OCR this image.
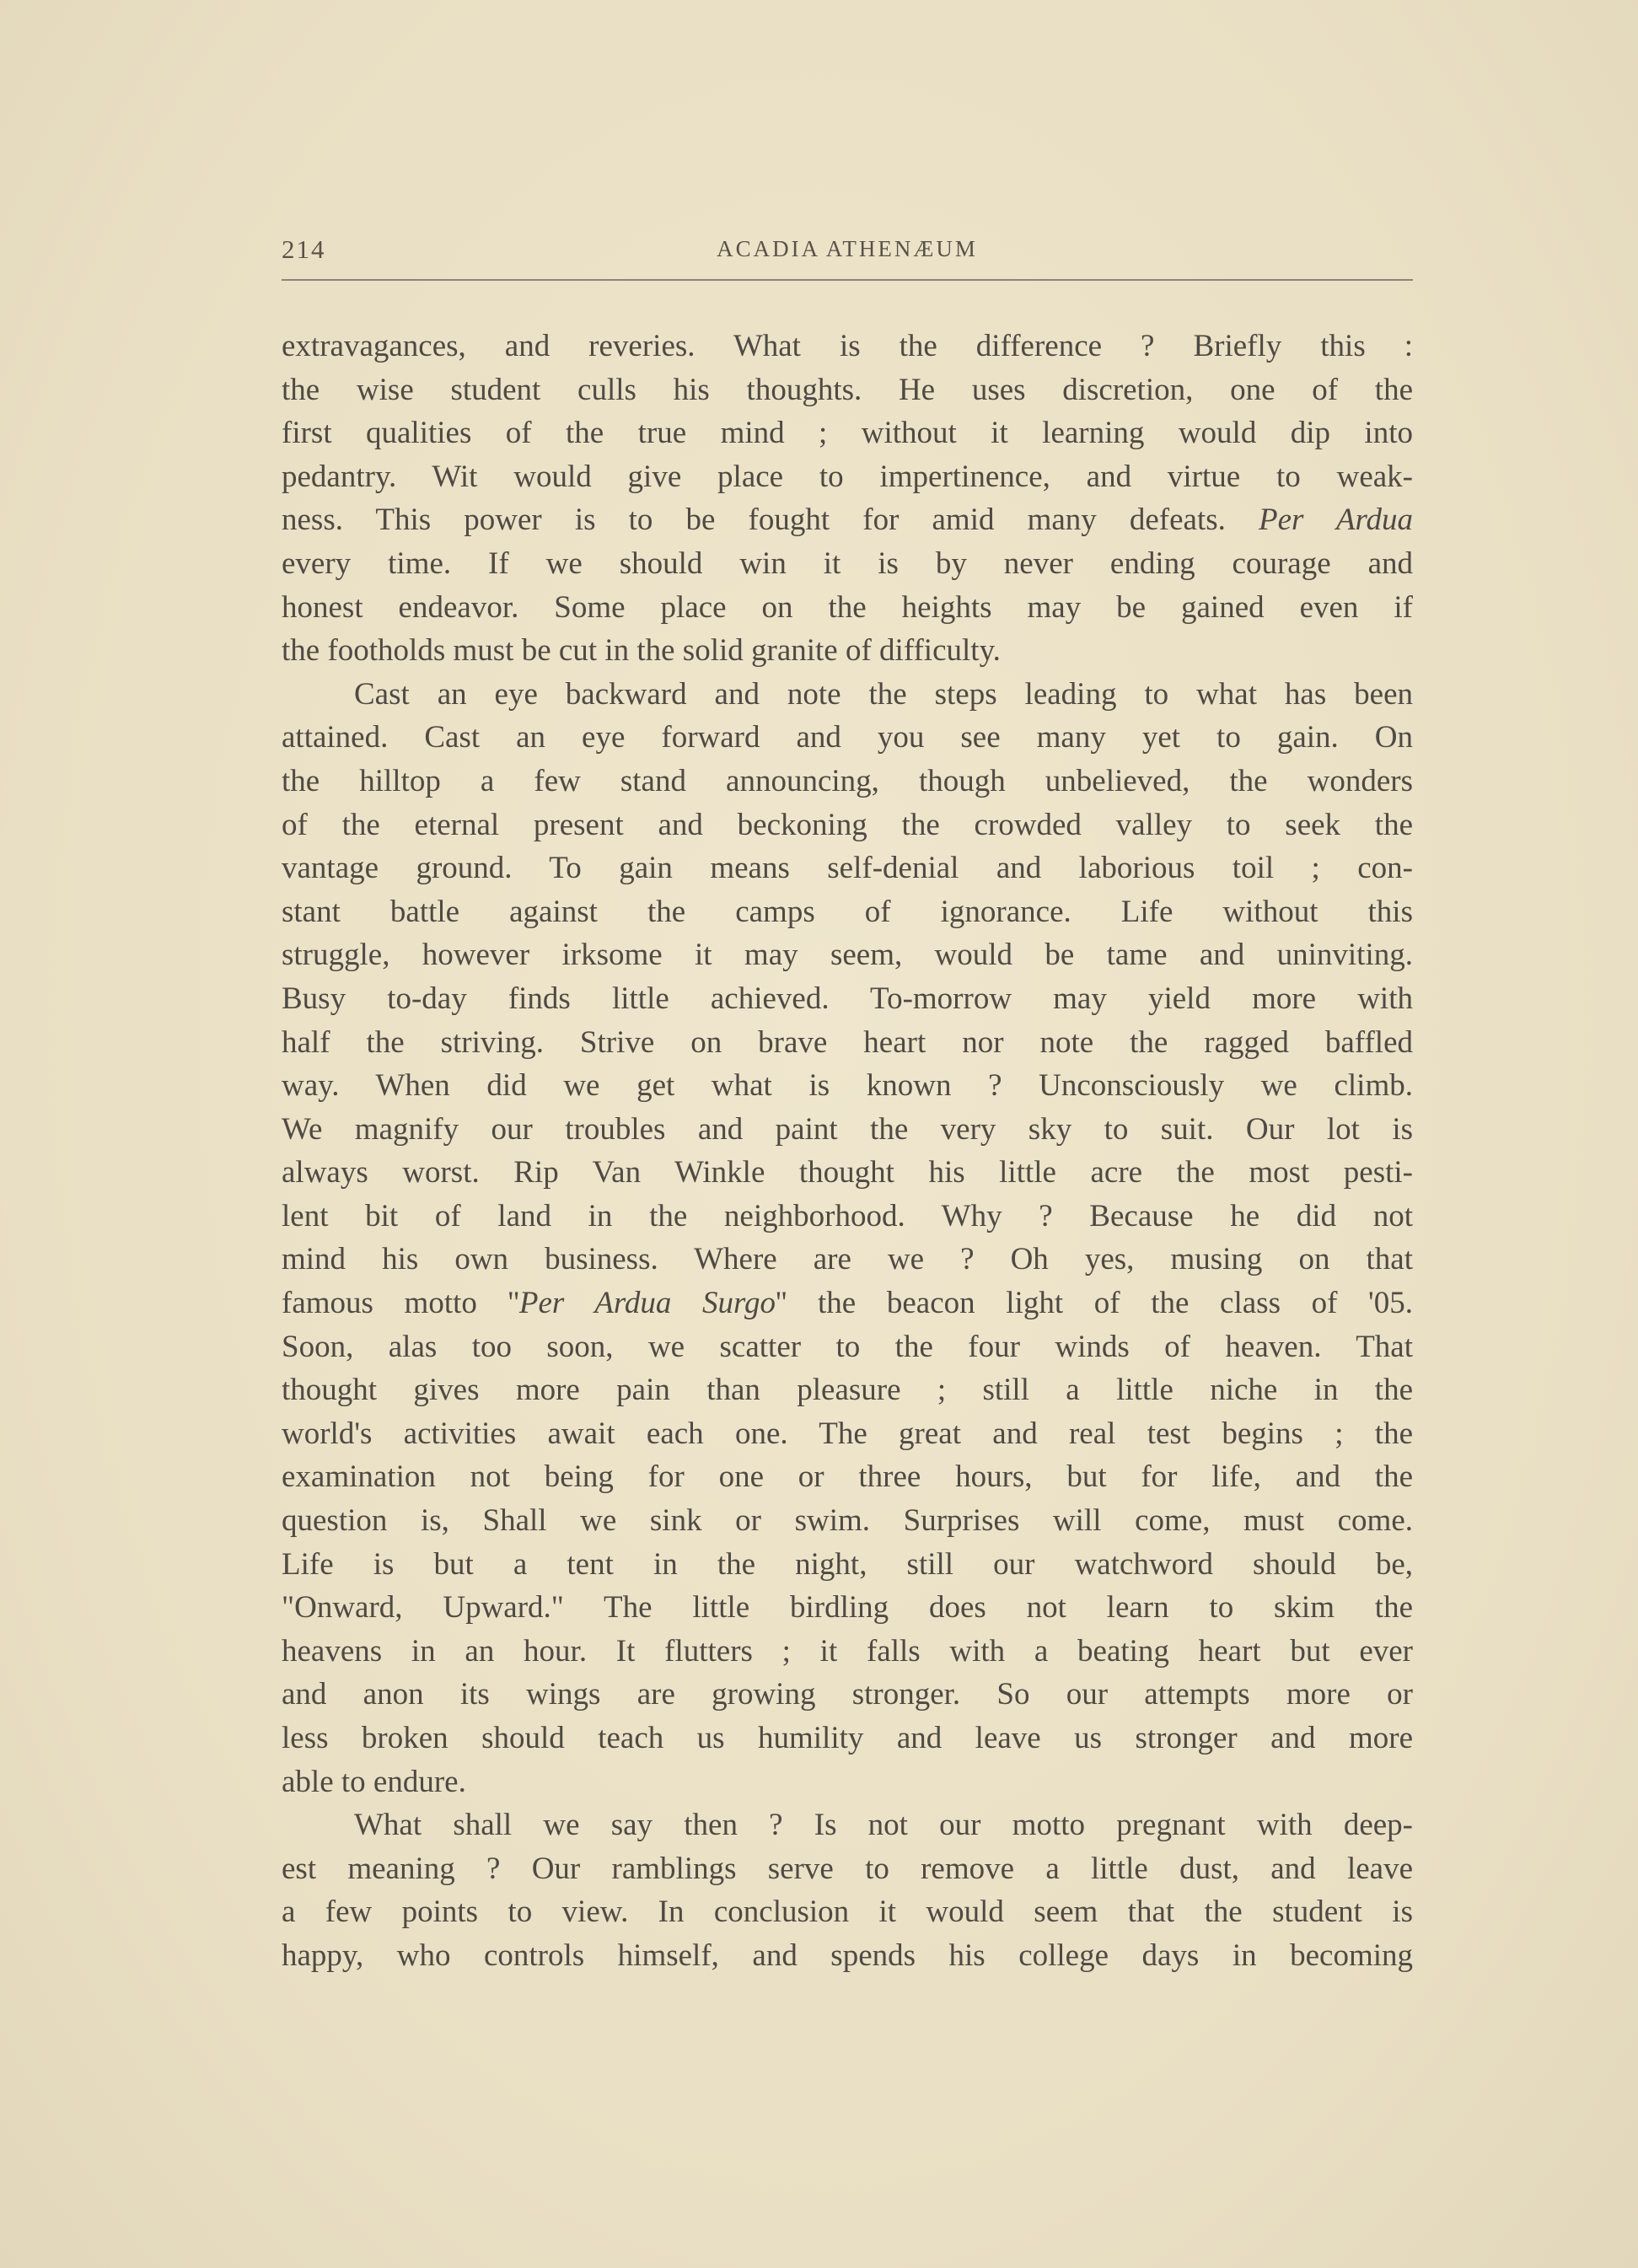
214	ACADIA ATHENÆUM
extravagances, and reveries. What is the difference ? Briefly this :
the wise student culls his thoughts. He uses discretion, one of the
first qualities of the true mind ; without it learning would dip into
pedantry. Wit would give place to impertinence, and virtue to weak-
ness. This power is to be fought for amid many defeats. Per Ardua
every time. If we should win it is by never ending courage and
honest endeavor. Some place on the heights may be gained even if
the footholds must be cut in the solid granite of difficulty.
Cast an eye backward and note the steps leading to what has been
attained. Cast an eye forward and you see many yet to gain. On
the hilltop a few stand announcing, though unbelieved, the wonders
of the eternal present and beckoning the crowded valley to seek the
vantage ground. To gain means self-denial and laborious toil ; con-
stant battle against the camps of ignorance. Life without this
struggle, however irksome it may seem, would be tame and uninviting.
Busy to-day finds little achieved. To-morrow may yield more with
half the striving. Strive on brave heart nor note the ragged baffled
way. When did we get what is known ? Unconsciously we climb.
We magnify our troubles and paint the very sky to suit. Our lot is
always worst. Rip Van Winkle thought his little acre the most pesti-
lent bit of land in the neighborhood. Why ? Because he did not
mind his own business. Where are we ? Oh yes, musing on that
famous motto ''Per Ardua Surgo'' the beacon light of the class of '05.
Soon, alas too soon, we scatter to the four winds of heaven. That
thought gives more pain than pleasure ; still a little niche in the
world's activities await each one. The great and real test begins ; the
examination not being for one or three hours, but for life, and the
question is, Shall we sink or swim. Surprises will come, must come.
Life is but a tent in the night, still our watchword should be,
"Onward, Upward." The little birdling does not learn to skim the
heavens in an hour. It flutters ; it falls with a beating heart but ever
and anon its wings are growing stronger. So our attempts more or
less broken should teach us humility and leave us stronger and more
able to endure.
What shall we say then ? Is not our motto pregnant with deep-
est meaning ? Our ramblings serve to remove a little dust, and leave
a few points to view. In conclusion it would seem that the student is
happy, who controls himself, and spends his college days in becoming
